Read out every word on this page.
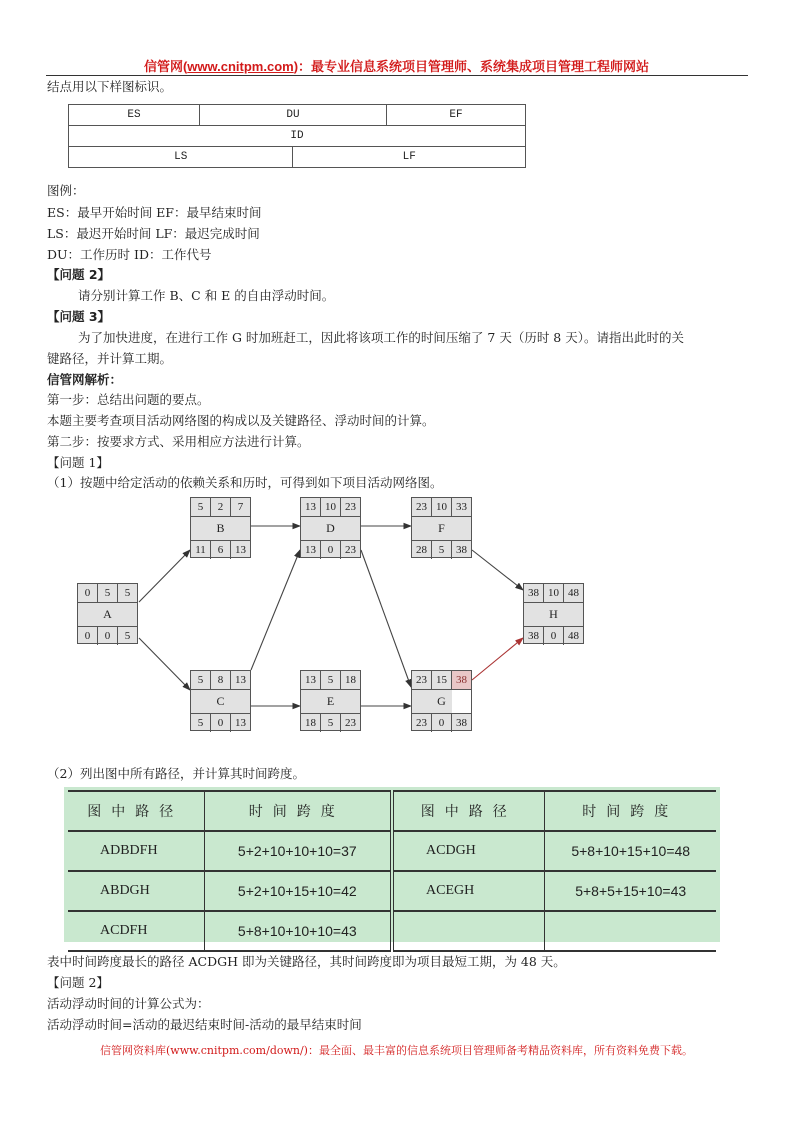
信管网(www.cnitpm.com)：最专业信息系统项目管理师、系统集成项目管理工程师网站
结点用以下样图标识。
ES	DU		EF
ID			
LS		LF	
图例：
ES：最早开始时间 EF：最早结束时间
LS：最迟开始时间 LF：最迟完成时间
DU：工作历时 ID：工作代号
【问题 2】
请分别计算工作 B、C 和 E 的自由浮动时间。
【问题 3】
为了加快进度，在进行工作 G 时加班赶工，因此将该项工作的时间压缩了 7 天（历时 8 天）。请指出此时的关
键路径，并计算工期。
信管网解析：
第一步：总结出问题的要点。
本题主要考查项目活动网络图的构成以及关键路径、浮动时间的计算。
第二步：按要求方式、采用相应方法进行计算。
【问题 1】
（1）按题中给定活动的依赖关系和历时，可得到如下项目活动网络图。
0	5	5
A
0	0	5
5	2	7
B
11	6	13
13 10 23
D
13	0	23
23 10 33
F
28	5	38
38 10 48
H
38	0	48
5	8	13
C
5	0	13
13	5	18
E
18	5	23
23 15 38
G
23	0	38
（2）列出图中所有路径，并计算其时间跨度。
图中路径	时间跨度	图中路径	时间跨度
ADBDFH	5+2+10+10+10=37	ACDGH	5+8+10+15+10=48
ABDGH	5+2+10+15+10=42	ACEGH	5+8+5+15+10=43
ACDFH	5+8+10+10+10=43		
表中时间跨度最长的路径 ACDGH 即为关键路径，其时间跨度即为项目最短工期，为 48 天。
【问题 2】
活动浮动时间的计算公式为：
活动浮动时间=活动的最迟结束时间-活动的最早结束时间
信管网资料库(www.cnitpm.com/down/)：最全面、最丰富的信息系统项目管理师备考精品资料库，所有资料免费下载。
